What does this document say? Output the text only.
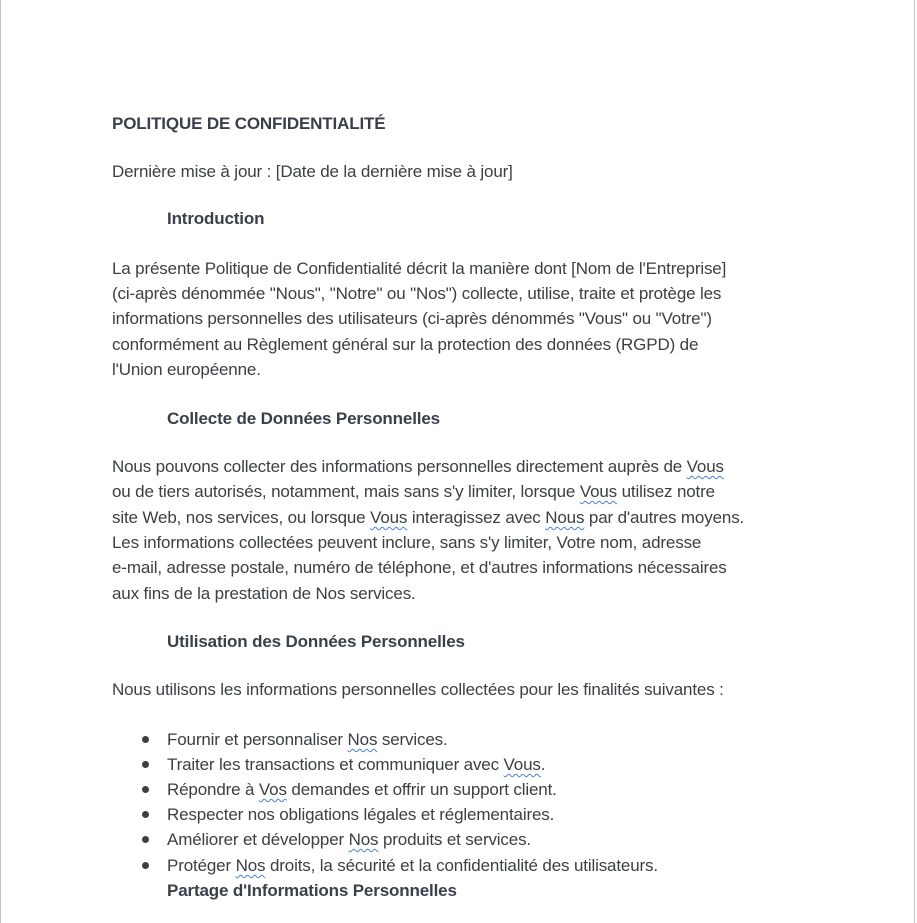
POLITIQUE DE CONFIDENTIALITÉ
Dernière mise à jour : [Date de la dernière mise à jour]
Introduction
La présente Politique de Confidentialité décrit la manière dont [Nom de l'Entreprise]
(ci-après dénommée "Nous", "Notre" ou "Nos") collecte, utilise, traite et protège les
informations personnelles des utilisateurs (ci-après dénommés "Vous" ou "Votre")
conformément au Règlement général sur la protection des données (RGPD) de
l'Union européenne.
Collecte de Données Personnelles
Nous pouvons collecter des informations personnelles directement auprès de Vous
ou de tiers autorisés, notamment, mais sans s'y limiter, lorsque Vous utilisez notre
site Web, nos services, ou lorsque Vous interagissez avec Nous par d'autres moyens.
Les informations collectées peuvent inclure, sans s'y limiter, Votre nom, adresse
e-mail, adresse postale, numéro de téléphone, et d'autres informations nécessaires
aux fins de la prestation de Nos services.
Utilisation des Données Personnelles
Nous utilisons les informations personnelles collectées pour les finalités suivantes :
Fournir et personnaliser Nos services.
Traiter les transactions et communiquer avec Vous.
Répondre à Vos demandes et offrir un support client.
Respecter nos obligations légales et réglementaires.
Améliorer et développer Nos produits et services.
Protéger Nos droits, la sécurité et la confidentialité des utilisateurs.
Partage d'Informations Personnelles
